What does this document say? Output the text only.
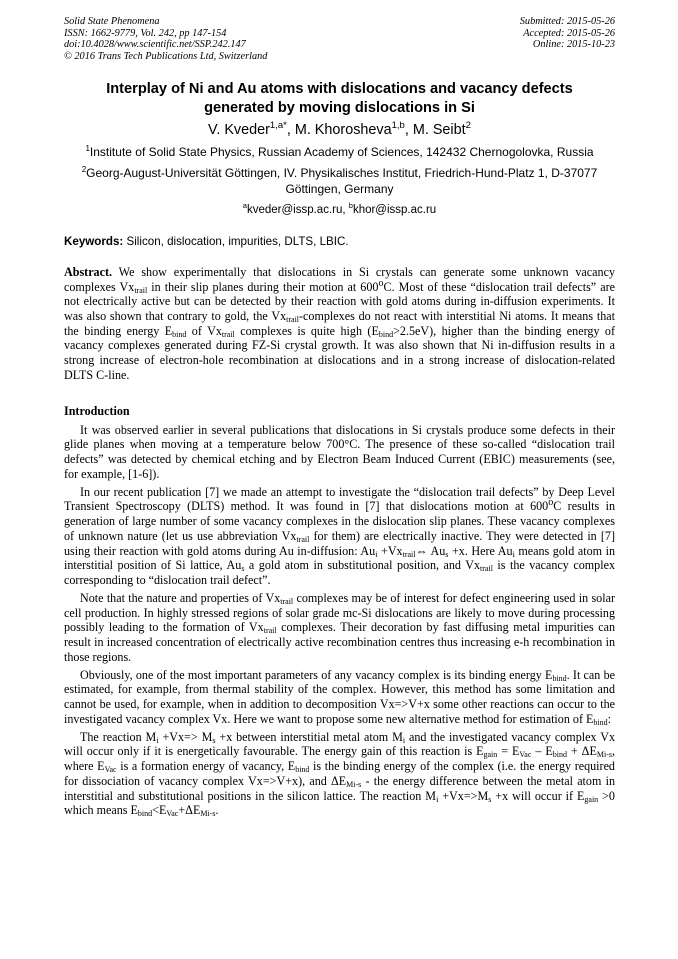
Solid State Phenomena
ISSN: 1662-9779, Vol. 242, pp 147-154
doi:10.4028/www.scientific.net/SSP.242.147
© 2016 Trans Tech Publications Ltd, Switzerland
Submitted: 2015-05-26
Accepted: 2015-05-26
Online: 2015-10-23
Interplay of Ni and Au atoms with dislocations and vacancy defects
generated by moving dislocations in Si
V. Kveder$^{1,a*}$, M. Khorosheva$^{1,b}$, M. Seibt$^2$
$^1$Institute of Solid State Physics, Russian Academy of Sciences, 142432 Chernogolovka, Russia
$^2$Georg-August-Universität Göttingen, IV. Physikalisches Institut, Friedrich-Hund-Platz 1, D-37077 Göttingen, Germany
$^a$kveder@issp.ac.ru, $^b$khor@issp.ac.ru
Keywords: Silicon, dislocation, impurities, DLTS, LBIC.

Abstract. We show experimentally that dislocations in Si crystals can generate some unknown vacancy complexes $Vx_{trail}$ in their slip planes during their motion at 600$^o$C. Most of these “dislocation trail defects” are not electrically active but can be detected by their reaction with gold atoms during in-diffusion experiments. It was also shown that contrary to gold, the $Vx_{trail}$-complexes do not react with interstitial Ni atoms. It means that the binding energy $E_{bind}$ of $Vx_{trail}$ complexes is quite high $(E_{bind}>2.5eV)$, higher than the binding energy of vacancy complexes generated during FZ-Si crystal growth. It was also shown that Ni in-diffusion results in a strong increase of electron-hole recombination at dislocations and in a strong increase of dislocation-related DLTS C-line.

Introduction

It was observed earlier in several publications that dislocations in Si crystals produce some defects in their glide planes when moving at a temperature below 700°C. The presence of these so-called “dislocation trail defects” was detected by chemical etching and by Electron Beam Induced Current (EBIC) measurements (see, for example, [1-6]).

In our recent publication [7] we made an attempt to investigate the “dislocation trail defects” by Deep Level Transient Spectroscopy (DLTS) method. It was found in [7] that dislocations motion at 600$^o$C results in generation of large number of some vacancy complexes in the dislocation slip planes. These vacancy complexes of unknown nature (let us use abbreviation $Vx_{trail}$ for them) are electrically inactive. They were detected in [7] using their reaction with gold atoms during Au in-diffusion: $Au_i$ $+Vx_{trail}\Leftrightarrow$ $Au_s +x$. Here $Au_i$ means gold atom in interstitial position of Si lattice, $Au_s$ a gold atom in substitutional position, and $Vx_{trail}$ is the vacancy complex corresponding to “dislocation trail defect”.

Note that the nature and properties of $Vx_{trail}$ complexes may be of interest for defect engineering used in solar cell production. In highly stressed regions of solar grade mc-Si dislocations are likely to move during processing possibly leading to the formation of $Vx_{trail}$ complexes. Their decoration by fast diffusing metal impurities can result in increased concentration of electrically active recombination centres thus increasing e-h recombination in those regions.

Obviously, one of the most important parameters of any vacancy complex is its binding energy $E_{bind}$. It can be estimated, for example, from thermal stability of the complex. However, this method has some limitation and cannot be used, for example, when in addition to decomposition Vx=>V+x some other reactions can occur to the investigated vacancy complex Vx. Here we want to propose some new alternative method for estimation of $E_{bind}$:

The reaction $M_i +Vx=> M_s +x$ between interstitial metal atom $M_i$ and the investigated vacancy complex Vx will occur only if it is energetically favourable. The energy gain of this reaction is $E_{gain} = E_{Vac} - E_{bind} + \Delta E_{Mi-s}$, where $E_{Vac}$ is a formation energy of vacancy, $E_{bind}$ is the binding energy of the complex (i.e. the energy required for dissociation of vacancy complex Vx=>V+x), and $\Delta E_{Mi-s}$ - the energy difference between the metal atom in interstitial and substitutional positions in the silicon lattice. The reaction $M_i +Vx=>M_s +x$ will occur if $E_{gain} >0$ which means $E_{bind}<E_{Vac}+\Delta E_{Mi-s}$.
